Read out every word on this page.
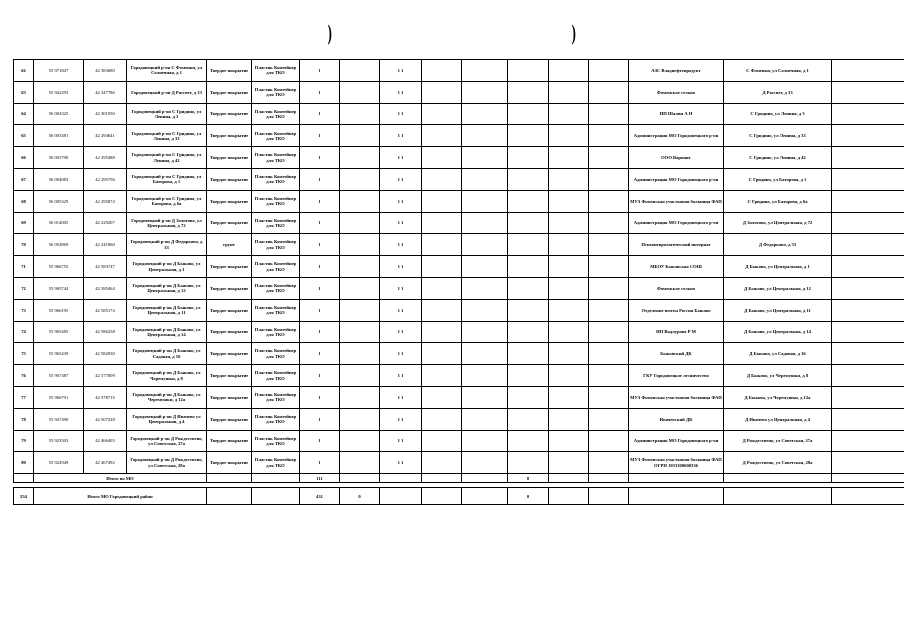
)	)
62	55 971847	42 383680	Городовецкий р-он С Фоменки, ул Солнечная, д 1	Твердое покрытие	Пластик Контейнер для ТКО	1		1 1						АЗС Владнефтепродукт	С Фоменки, ул Солнечная, д 1	
63	55 942293	42 347786	Городовецкий р-он Д Рассвет, д 33	Твердое покрытие	Пластик Контейнер для ТКО	1		1 1						Фоменское сельпо	Д Рассвет, д 33	
64	56 004325	42 301950	Городовецкий р-он С Гридино, ул Ленина, д 3	Твердое покрытие	Пластик Контейнер для ТКО	1		1 1						ИП Шалин А Н	С Гридино, ул Ленина, д 3	
65	56 003381	42 294641	Городовецкий р-он С Гридино, ул Ленина, д 33	Твердое покрытие	Пластик Контейнер для ТКО	1		1 1						Администрация МО Городовецкого р-он	С Гридино, ул Ленина, д 33	
66	56 003790	42 295488	Городовецкий р-он С Гридино, ул Ленина, д 42	Твердое покрытие	Пластик Контейнер для ТКО	1		1 1						ООО Вариант	С Гридино, ул Ленина, д 42	
67	56 004083	42 295756	Городовецкий р-он С Гридино, ул Баторова, д 1	Твердое покрытие	Пластик Контейнер для ТКО	1		1 1						Администрация МО Городовецкого р-он	С Гридино, ул Баторова, д 1	
68	56 005329	42 295874	Городовецкий р-он С Гридино, ул Баторова, д 6а	Твердое покрытие	Пластик Контейнер для ТКО	1		1 1						МУЗ Фоменская участковая больница ФАП	С Гридино, ул Баторова, д 6а	
69	56 014005	42 229207	Городовецкий р-он Д Золотово, ул Центральная, д 72	Твердое покрытие	Пластик Контейнер для ТКО	1		1 1						Администрация МО Городовецкого р-он	Д Золотово, ул Центральная, д 72	
70	56 052869	42 241860	Городовецкий р-он Д Федорково, д 33	грунт	Пластик Контейнер для ТКО	1		1 1						Психоневрологический интернат	Д Федорково, д 33	
71	55 966755	42 583747	Городовецкий р-он Д Быково, ул Центральная, д 1	Твердое покрытие	Пластик Контейнер для ТКО	1		1 1						МБОУ Быковская СОШ	Д Быково, ул Центральная, д 1	
72	55 965744	42 585464	Городовецкий р-он Д Быково, ул Центральная, д 12	Твердое покрытие	Пластик Контейнер для ТКО	1		1 1						Фоменское сельпо	Д Быково, ул Центральная, д 12	
73	55 966195	42 585174	Городовецкий р-он Д Быково, ул Центральная, д 11	Твердое покрытие	Пластик Контейнер для ТКО	1		1 1						Отделение почты Россия Быково	Д Быково, ул Центральная, д 11	
74	55 965485	42 586258	Городовецкий р-он Д Быково, ул Центральная, д 14	Твердое покрытие	Пластик Контейнер для ТКО	1		1 1						ИП Вадлурова Р М	Д Быково, ул Центральная, д 14	
75	55 965439	42 582030	Городовецкий р-он Д Быково, ул Садовая, д 16	Твердое покрытие	Пластик Контейнер для ТКО	1		1 1						Быковский ДК	Д Быково, ул Садовая, д 16	
76	55 967387	42 577009	Городовецкий р-он Д Быково, ул Черемушки, д 8	Твердое покрытие	Пластик Контейнер для ТКО	1		1 1						ГКУ Городовецкое лесничество	Д Быково, ул Черемушки, д 8	
77	55 966791	42 578715	Городовецкий р-он Д Быково, ул Черемушки, д 12а	Твердое покрытие	Пластик Контейнер для ТКО	1		1 1						МУЗ Фоменская участковая больница ФАП	Д Быково, ул Черемушки, д 12а	
78	55 947490	42 507328	Городовецкий р-он Д Ивачево ул Центральная, д 4	Твердое покрытие	Пластик Контейнер для ТКО	1		1 1						Ивачевский ДК	Д Ивачево ул Центральная, д 4	
79	55 923503	42 466403	Городовецкий р-он Д Рождествено, ул Советская, 27а	Твердое покрытие	Пластик Контейнер для ТКО	1		1 1						Администрация МО Городовецкого р-он	Д Рождествено, ул Советская, 27а	
80	55 922949	42 467492	Городовецкий р-он Д Рождествено, ул Советская, 28а	Твердое покрытие	Пластик Контейнер для ТКО	1		1 1						МУЗ Фоменская участковая больница ФАП ОГРН 1033300600336	Д Рождествено, ул Советская, 28а	
	Итого по МО					111					0					

254	Итого МО Городовецкий район					431	0				0					
